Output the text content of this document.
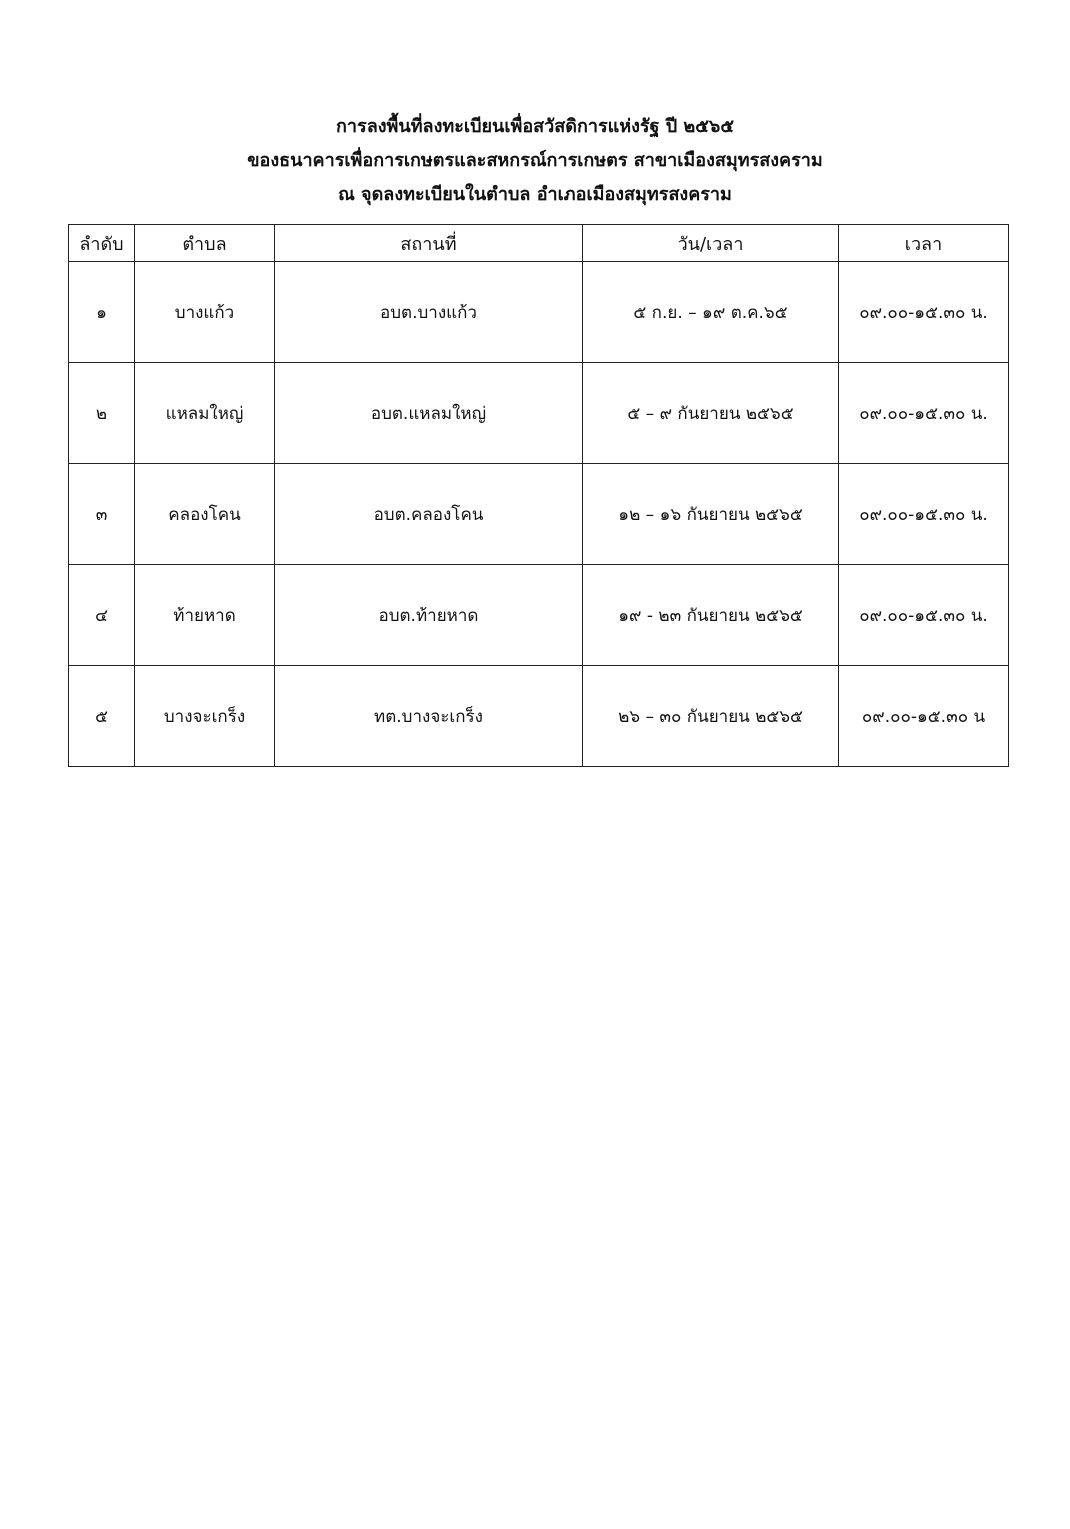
การลงพื้นที่ลงทะเบียนเพื่อสวัสดิการแห่งรัฐ ปี ๒๕๖๕
ของธนาคารเพื่อการเกษตรและสหกรณ์การเกษตร สาขาเมืองสมุทรสงคราม
ณ จุดลงทะเบียนในตำบล อำเภอเมืองสมุทรสงคราม
ลำดับ	ตำบล	สถานที่	วัน/เวลา	เวลา
๑	บางแก้ว	อบต.บางแก้ว	๕ ก.ย. – ๑๙ ต.ค.๖๕	๐๙.๐๐-๑๕.๓๐ น.
๒	แหลมใหญ่	อบต.แหลมใหญ่	๕ – ๙ กันยายน ๒๕๖๕	๐๙.๐๐-๑๕.๓๐ น.
๓	คลองโคน	อบต.คลองโคน	๑๒ – ๑๖ กันยายน ๒๕๖๕	๐๙.๐๐-๑๕.๓๐ น.
๔	ท้ายหาด	อบต.ท้ายหาด	๑๙ - ๒๓ กันยายน ๒๕๖๕	๐๙.๐๐-๑๕.๓๐ น.
๕	บางจะเกร็ง	ทต.บางจะเกร็ง	๒๖ – ๓๐ กันยายน ๒๕๖๕	๐๙.๐๐-๑๕.๓๐ น
